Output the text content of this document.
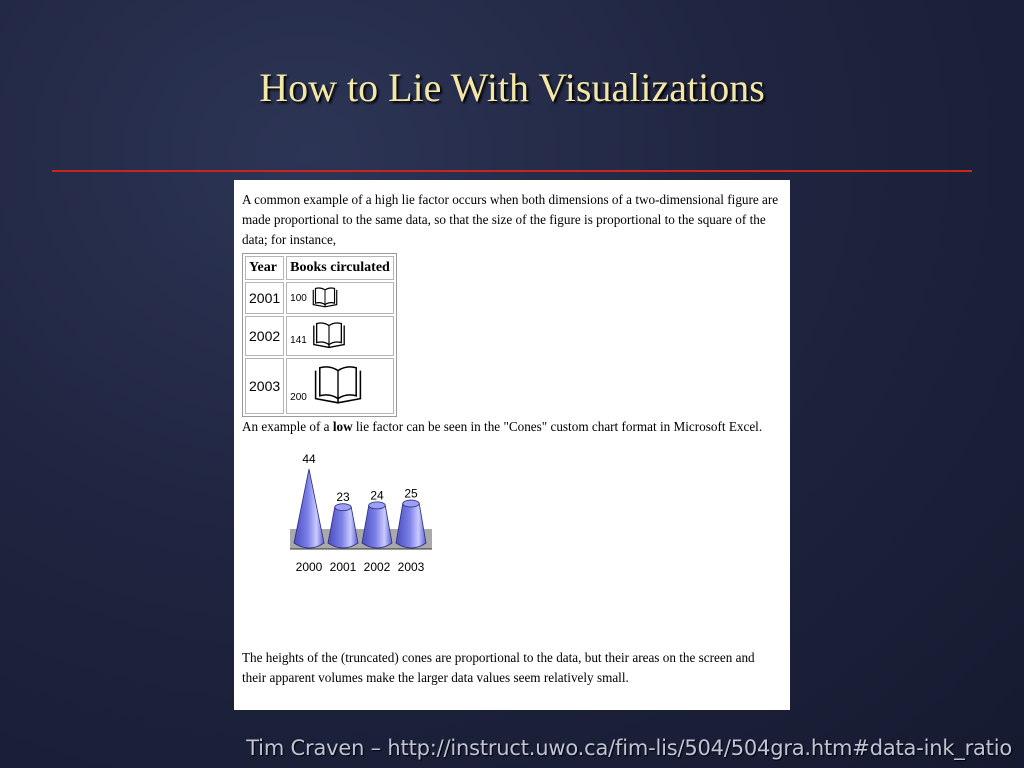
How to Lie With Visualizations

A common example of a high lie factor occurs when both dimensions of a two-dimensional figure are made proportional to the same data, so that the size of the figure is proportional to the square of the data; for instance,

Year	Books circulated
2001	100
2002	141
2003	200

An example of a low lie factor can be seen in the "Cones" custom chart format in Microsoft Excel.

44
2000
23
2001
24
2002
25
2003

The heights of the (truncated) cones are proportional to the data, but their areas on the screen and their apparent volumes make the larger data values seem relatively small.

Tim Craven – http://instruct.uwo.ca/fim-lis/504/504gra.htm#data-ink_ratio
